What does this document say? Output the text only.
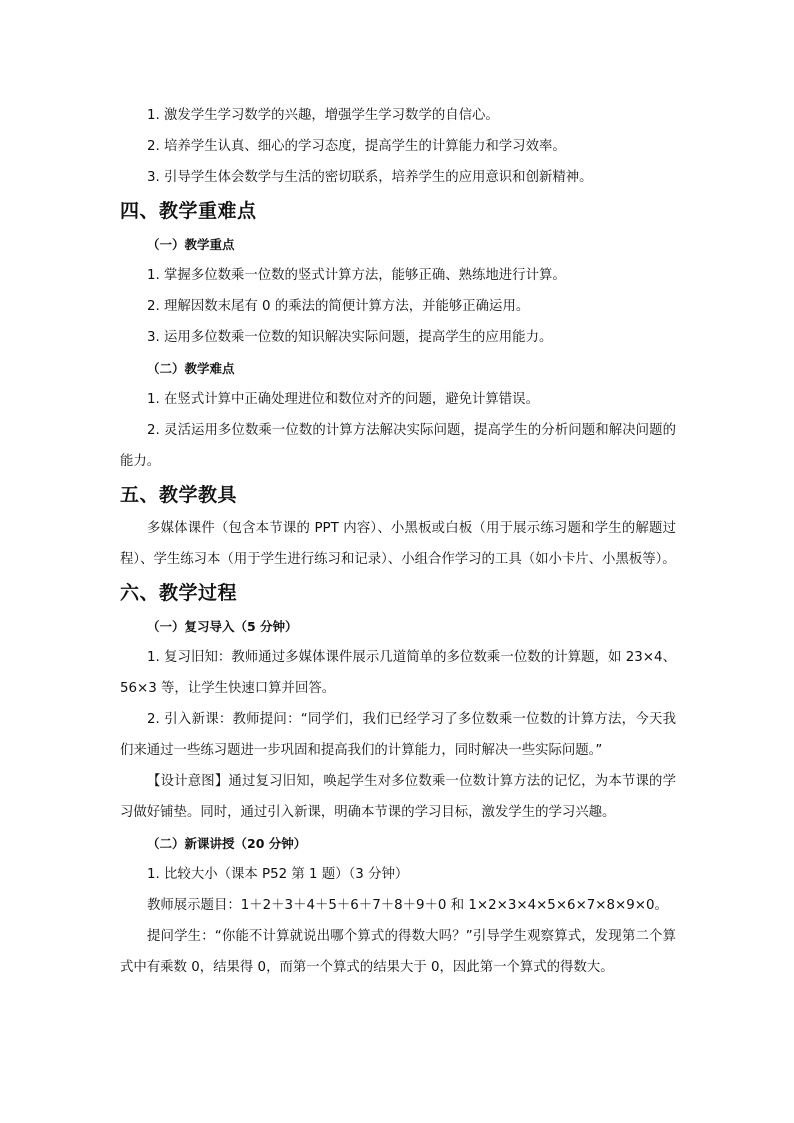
1. 激发学生学习数学的兴趣，增强学生学习数学的自信心。

2. 培养学生认真、细心的学习态度，提高学生的计算能力和学习效率。

3. 引导学生体会数学与生活的密切联系，培养学生的应用意识和创新精神。

四、教学重难点

（一）教学重点

1. 掌握多位数乘一位数的竖式计算方法，能够正确、熟练地进行计算。

2. 理解因数末尾有 0 的乘法的简便计算方法，并能够正确运用。

3. 运用多位数乘一位数的知识解决实际问题，提高学生的应用能力。

（二）教学难点

1. 在竖式计算中正确处理进位和数位对齐的问题，避免计算错误。

2. 灵活运用多位数乘一位数的计算方法解决实际问题，提高学生的分析问题和解决问题的能力。

五、教学教具

多媒体课件（包含本节课的 PPT 内容）、小黑板或白板（用于展示练习题和学生的解题过程）、学生练习本（用于学生进行练习和记录）、小组合作学习的工具（如小卡片、小黑板等）。

六、教学过程

（一）复习导入（5 分钟）

1. 复习旧知：教师通过多媒体课件展示几道简单的多位数乘一位数的计算题，如 23×4、56×3 等，让学生快速口算并回答。

2. 引入新课：教师提问：“同学们，我们已经学习了多位数乘一位数的计算方法，今天我们来通过一些练习题进一步巩固和提高我们的计算能力，同时解决一些实际问题。”

【设计意图】通过复习旧知，唤起学生对多位数乘一位数计算方法的记忆，为本节课的学习做好铺垫。同时，通过引入新课，明确本节课的学习目标，激发学生的学习兴趣。

（二）新课讲授（20 分钟）

1. 比较大小（课本 P52 第 1 题）（3 分钟）

教师展示题目：1＋2＋3＋4＋5＋6＋7＋8＋9＋0 和 1×2×3×4×5×6×7×8×9×0。

提问学生：“你能不计算就说出哪个算式的得数大吗？”引导学生观察算式，发现第二个算式中有乘数 0，结果得 0，而第一个算式的结果大于 0，因此第一个算式的得数大。
